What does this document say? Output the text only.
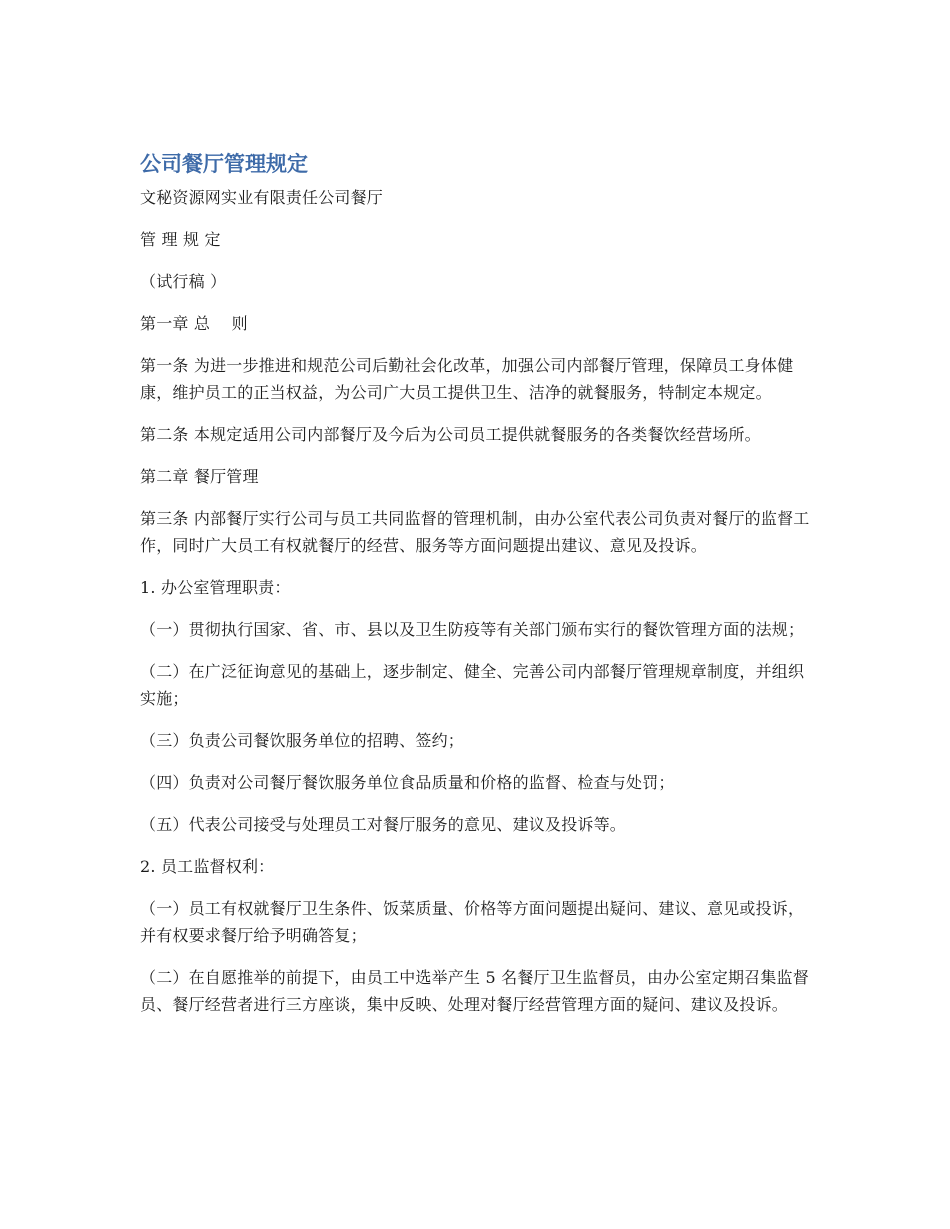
公司餐厅管理规定

文秘资源网实业有限责任公司餐厅

管 理 规 定

（试行稿 ）

第一章 总　 则

第一条 为进一步推进和规范公司后勤社会化改革，加强公司内部餐厅管理，保障员工身体健康，维护员工的正当权益，为公司广大员工提供卫生、洁净的就餐服务，特制定本规定。

第二条 本规定适用公司内部餐厅及今后为公司员工提供就餐服务的各类餐饮经营场所。

第二章 餐厅管理

第三条 内部餐厅实行公司与员工共同监督的管理机制，由办公室代表公司负责对餐厅的监督工作，同时广大员工有权就餐厅的经营、服务等方面问题提出建议、意见及投诉。

1. 办公室管理职责：

（一）贯彻执行国家、省、市、县以及卫生防疫等有关部门颁布实行的餐饮管理方面的法规；

（二）在广泛征询意见的基础上，逐步制定、健全、完善公司内部餐厅管理规章制度，并组织实施；

（三）负责公司餐饮服务单位的招聘、签约；

（四）负责对公司餐厅餐饮服务单位食品质量和价格的监督、检查与处罚；

（五）代表公司接受与处理员工对餐厅服务的意见、建议及投诉等。

2. 员工监督权利：

（一）员工有权就餐厅卫生条件、饭菜质量、价格等方面问题提出疑问、建议、意见或投诉，并有权要求餐厅给予明确答复；

（二）在自愿推举的前提下，由员工中选举产生 5 名餐厅卫生监督员，由办公室定期召集监督员、餐厅经营者进行三方座谈，集中反映、处理对餐厅经营管理方面的疑问、建议及投诉。
